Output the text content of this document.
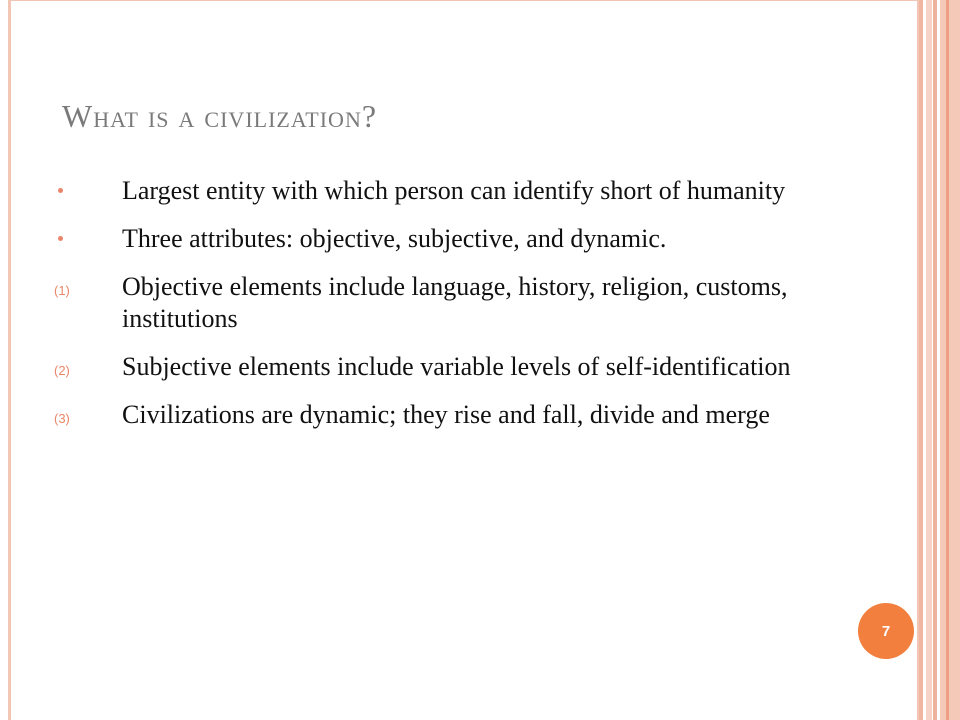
What is a civilization?
Largest entity with which person can identify short of humanity
Three attributes: objective, subjective, and dynamic.
(1) Objective elements include language, history, religion, customs, institutions
(2) Subjective elements include variable levels of self-identification
(3) Civilizations are dynamic; they rise and fall, divide and merge
7
